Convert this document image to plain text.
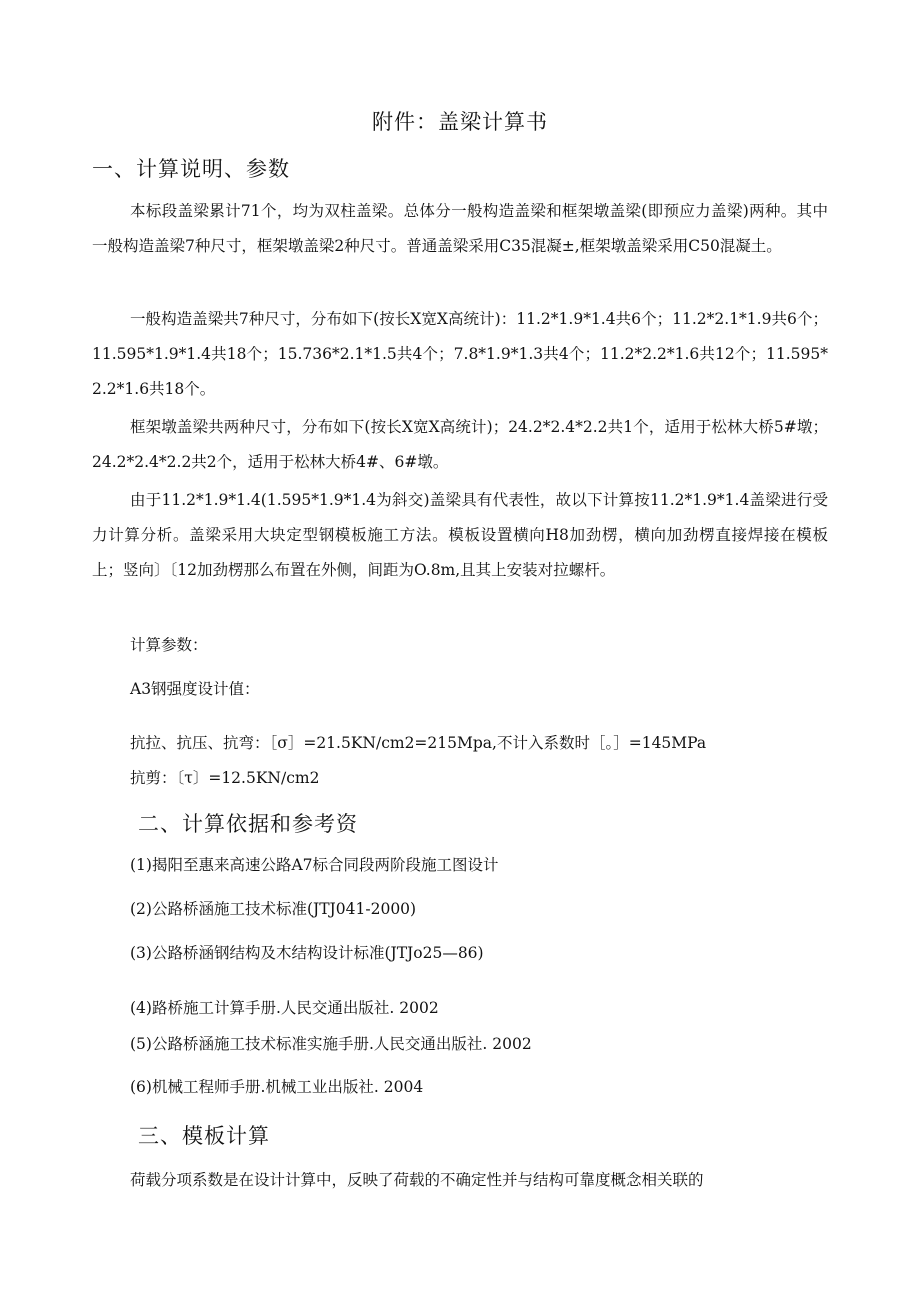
附件：盖梁计算书
一、计算说明、参数
本标段盖梁累计71个，均为双柱盖梁。总体分一般构造盖梁和框架墩盖梁(即预应力盖梁)两种。其中一般构造盖梁7种尺寸，框架墩盖梁2种尺寸。普通盖梁采用C35混凝±,框架墩盖梁采用C50混凝土。
一般构造盖梁共7种尺寸，分布如下(按长X宽X高统计)：11.2*1.9*1.4共6个；11.2*2.1*1.9共6个；11.595*1.9*1.4共18个；15.736*2.1*1.5共4个；7.8*1.9*1.3共4个；11.2*2.2*1.6共12个；11.595*2.2*1.6共18个。
框架墩盖梁共两种尺寸，分布如下(按长X宽X高统计)；24.2*2.4*2.2共1个，适用于松林大桥5#墩；24.2*2.4*2.2共2个，适用于松林大桥4#、6#墩。
由于11.2*1.9*1.4(1.595*1.9*1.4为斜交)盖梁具有代表性，故以下计算按11.2*1.9*1.4盖梁进行受力计算分析。盖梁采用大块定型钢模板施工方法。模板设置横向H8加劲楞，横向加劲楞直接焊接在模板上；竖向〕〔12加劲楞那么布置在外侧，间距为O.8m,且其上安装对拉螺杆。
计算参数：
A3钢强度设计值：
抗拉、抗压、抗弯：［σ］=21.5KN∕cm2=215Mpa,不计入系数时［。］=145MPa
抗剪：〔τ〕=12.5KN∕cm2
二、计算依据和参考资
(1)揭阳至惠来高速公路A7标合同段两阶段施工图设计
(2)公路桥涵施工技术标准(JTJ041-2000)
(3)公路桥涵钢结构及木结构设计标准(JTJo25—86)
(4)路桥施工计算手册.人民交通出版社. 2002
(5)公路桥涵施工技术标准实施手册.人民交通出版社. 2002
(6)机械工程师手册.机械工业出版社. 2004
三、模板计算
荷载分项系数是在设计计算中，反映了荷载的不确定性并与结构可靠度概念相关联的
